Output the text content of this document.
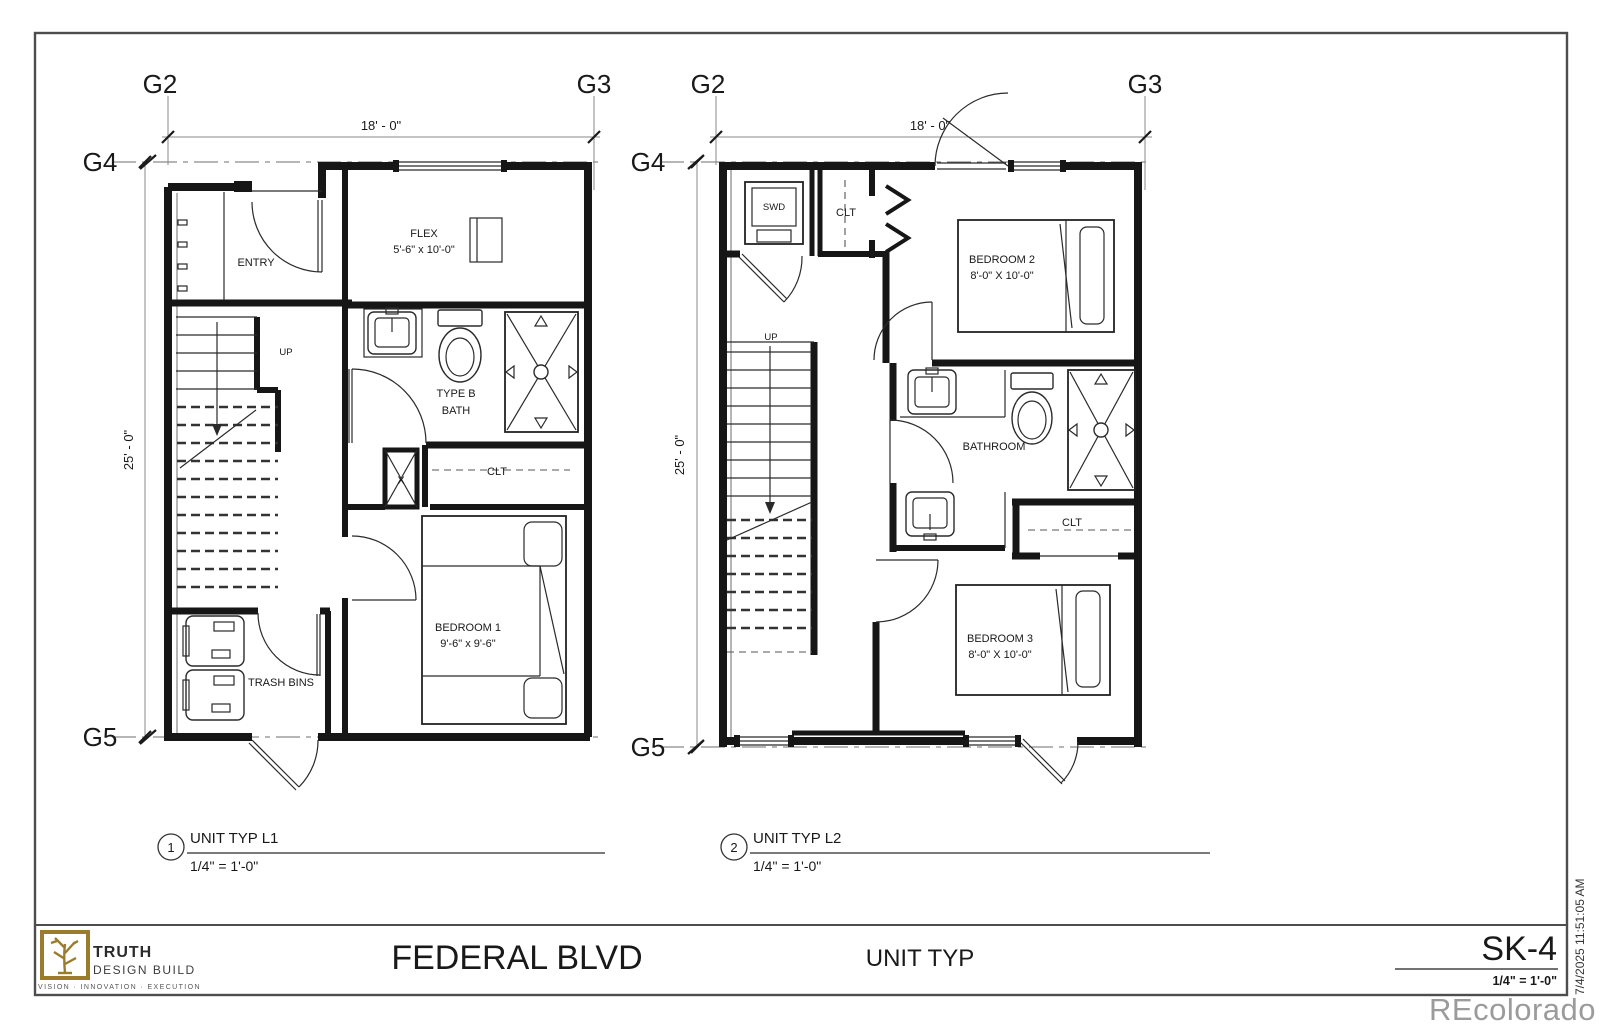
G2	G3
G4
G5
18' - 0"
25' - 0"
UP
ENTRY
FLEX
5'-6" x 10'-0"
TYPE B
BATH
CLT
X
BEDROOM 1
9'-6" x 9'-6"
TRASH BINS
1
UNIT TYP L1
1/4" = 1'-0"
G2	G3
G4
G5
18' - 0"
25' - 0"
UP
SWD	CLT
BEDROOM 2
8'-0" X 10'-0"
BATHROOM
CLT
BEDROOM 3
8'-0" X 10'-0"
2
UNIT TYP L2
1/4" = 1'-0"
TRUTH
DESIGN BUILD
VISION · INNOVATION · EXECUTION
FEDERAL BLVD	UNIT TYP	SK-4
1/4" = 1'-0" 7/4/2025 11:51:05 AM
REcolorado
